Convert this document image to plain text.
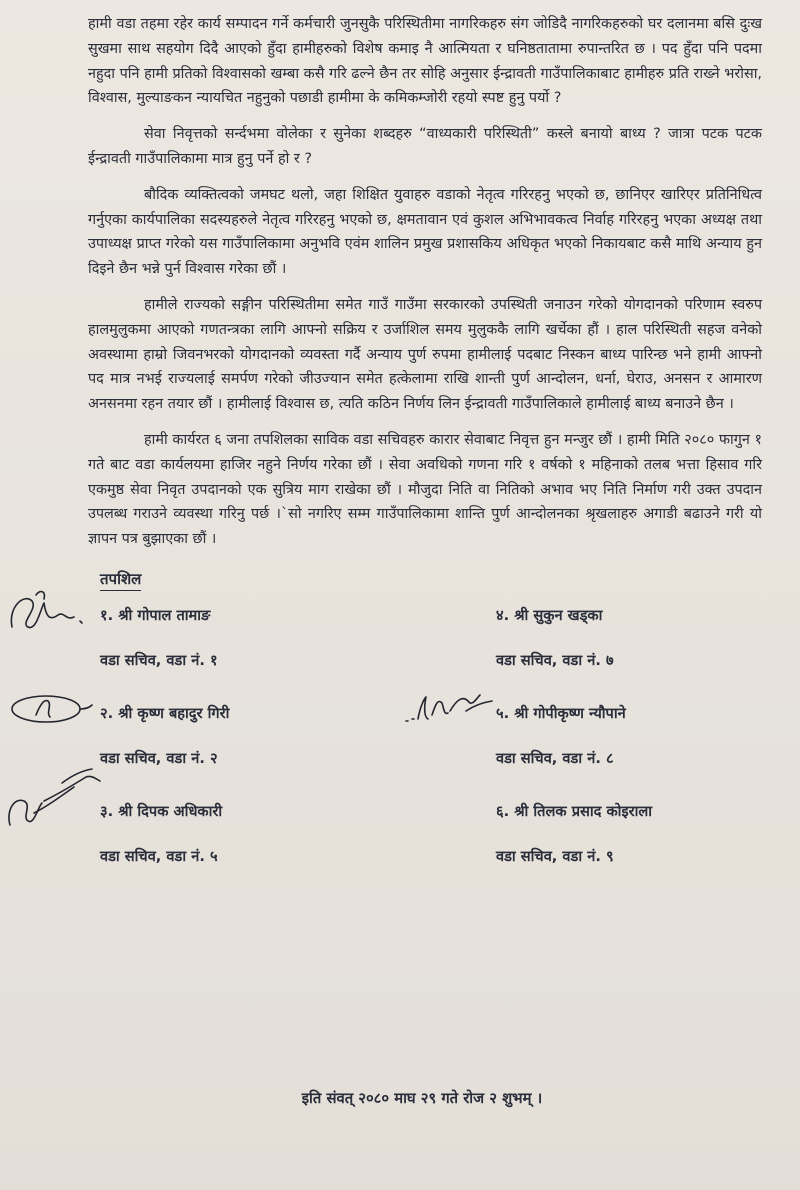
हामी वडा तहमा रहेर कार्य सम्पादन गर्ने कर्मचारी जुनसुकै परिस्थितीमा नागरिकहरु संग जोडिदै नागरिकहरुको घर दलानमा बसि दुःख सुखमा साथ सहयोग दिदै आएको हुँदा हामीहरुको विशेष कमाइ नै आत्मियता र घनिष्ठतातामा रुपान्तरित छ । पद हुँदा पनि पदमा नहुदा पनि हामी प्रतिको विश्वासको खम्बा कसै गरि ढल्ने छैन तर सोहि अनुसार ईन्द्रावती गाउँपालिकाबाट हामीहरु प्रति राख्ने भरोसा, विश्वास, मुल्याङकन न्यायचित नहुनुको पछाडी हामीमा के कमिकम्जोरी रहयो स्पष्ट हुनु पर्यो ?

सेवा निवृत्तको सर्न्दभमा वोलेका र सुनेका शब्दहरु “वाध्यकारी परिस्थिती” कस्ले बनायो बाध्य ? जात्रा पटक पटक ईन्द्रावती गाउँपालिकामा मात्र हुनु पर्ने हो र ?

बौदिक व्यक्तित्वको जमघट थलो, जहा शिक्षित युवाहरु वडाको नेतृत्व गरिरहनु भएको छ, छानिएर खारिएर प्रतिनिधित्व गर्नुएका कार्यपालिका सदस्यहरुले नेतृत्व गरिरहनु भएको छ, क्षमतावान एवं कुशल अभिभावकत्व निर्वाह गरिरहनु भएका अध्यक्ष तथा उपाध्यक्ष प्राप्त गरेको यस गाउँपालिकामा अनुभवि एवंम शालिन प्रमुख प्रशासकिय अधिकृत भएको निकायबाट कसै माथि अन्याय हुन दिइने छैन भन्ने पुर्न विश्वास गरेका छौं ।

हामीले राज्यको सङ्गीन परिस्थितीमा समेत गाउँ गाउँमा सरकारको उपस्थिती जनाउन गरेको योगदानको परिणाम स्वरुप हालमुलुकमा आएको गणतन्त्रका लागि आफ्नो सक्रिय र उर्जाशिल समय मुलुककै लागि खर्चेका हौं । हाल परिस्थिती सहज वनेको अवस्थामा हाम्रो जिवनभरको योगदानको व्यवस्ता गर्दै अन्याय पुर्ण रुपमा हामीलाई पदबाट निस्कन बाध्य पारिन्छ भने हामी आफ्नो पद मात्र नभई राज्यलाई समर्पण गरेको जीउज्यान समेत हत्केलामा राखि शान्ती पुर्ण आन्दोलन, धर्ना, घेराउ, अनसन र आमारण अनसनमा रहन तयार छौं । हामीलाई विश्वास छ, त्यति कठिन निर्णय लिन ईन्द्रावती गाउँपालिकाले हामीलाई बाध्य बनाउने छैन ।

हामी कार्यरत ६ जना तपशिलका साविक वडा सचिवहरु कारार सेवाबाट निवृत्त हुन मन्जुर छौं । हामी मिति २०८० फागुन १ गते बाट वडा कार्यलयमा हाजिर नहुने निर्णय गरेका छौं । सेवा अवधिको गणना गरि १ वर्षको १ महिनाको तलब भत्ता हिसाव गरि एकमुष्ठ सेवा निवृत उपदानको एक सुत्रिय माग राखेका छौं । मौजुदा निति वा नितिको अभाव भए निति निर्माण गरी उक्त उपदान उपलब्ध गराउने व्यवस्था गरिनु पर्छ ।`सो नगरिए सम्म गाउँपालिकामा शान्ति पुर्ण आन्दोलनका श्रृखलाहरु अगाडी बढाउने गरी यो ज्ञापन पत्र बुझाएका छौं ।

तपशिल
१. श्री गोपाल तामाङ
वडा सचिव, वडा नं. १
२. श्री कृष्ण बहादुर गिरी
वडा सचिव, वडा नं. २
३. श्री दिपक अधिकारी
वडा सचिव, वडा नं. ५
४. श्री सुकुन खड्का
वडा सचिव, वडा नं. ७
५. श्री गोपीकृष्ण न्यौपाने
वडा सचिव, वडा नं. ८
६. श्री तिलक प्रसाद कोइराला
वडा सचिव, वडा नं. ९
इति संवत् २०८० माघ २९ गते रोज २ शुभम् ।
